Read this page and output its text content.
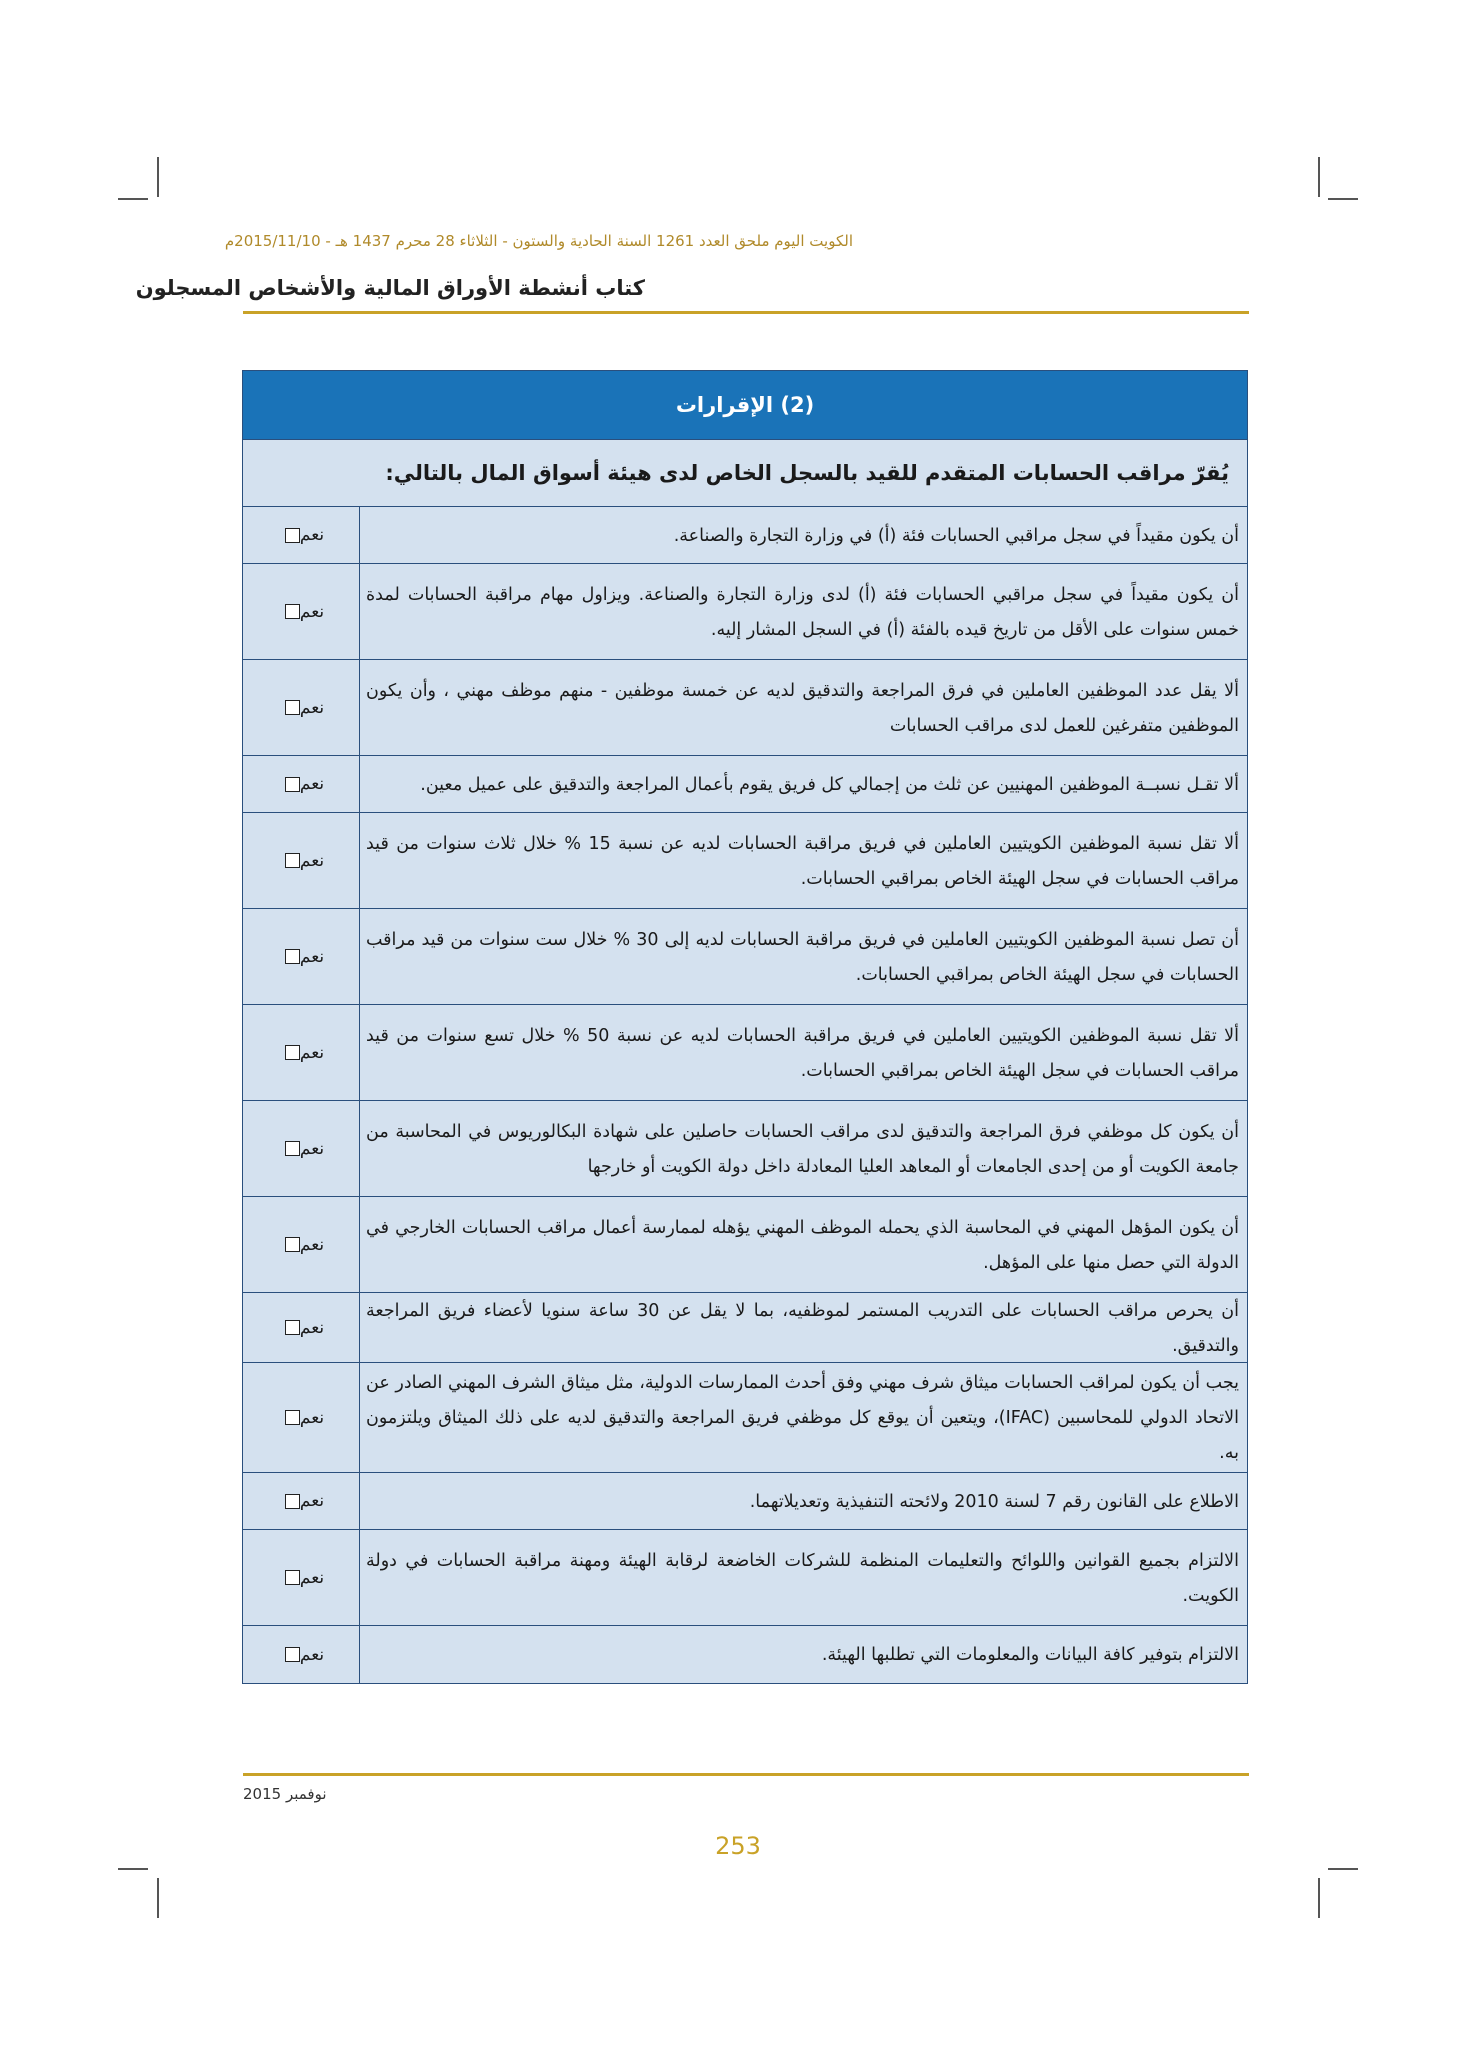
الكويت اليوم ملحق العدد 1261 السنة الحادية والستون - الثلاثاء 28 محرم 1437 هـ - 2015/11/10م
كتاب أنشطة الأوراق المالية والأشخاص المسجلون
(2) الإقرارات
يُقرّ مراقب الحسابات المتقدم للقيد بالسجل الخاص لدى هيئة أسواق المال بالتالي:
أن يكون مقيداً في سجل مراقبي الحسابات فئة (أ) في وزارة التجارة والصناعة.
نعم
أن يكون مقيداً في سجل مراقبي الحسابات فئة (أ) لدى وزارة التجارة والصناعة. ويزاول مهام مراقبة الحسابات لمدة خمس سنوات على الأقل من تاريخ قيده بالفئة (أ) في السجل المشار إليه.
نعم
ألا يقل عدد الموظفين العاملين في فرق المراجعة والتدقيق لديه عن خمسة موظفين - منهم موظف مهني ، وأن يكون الموظفين متفرغين للعمل لدى مراقب الحسابات
نعم
ألا تقـل نسبــة الموظفين المهنيين عن ثلث من إجمالي كل فريق يقوم بأعمال المراجعة والتدقيق على عميل معين.
نعم
ألا تقل نسبة الموظفين الكويتيين العاملين في فريق مراقبة الحسابات لديه عن نسبة 15 % خلال ثلاث سنوات من قيد مراقب الحسابات في سجل الهيئة الخاص بمراقبي الحسابات.
نعم
أن تصل نسبة الموظفين الكويتيين العاملين في فريق مراقبة الحسابات لديه إلى 30 % خلال ست سنوات من قيد مراقب الحسابات في سجل الهيئة الخاص بمراقبي الحسابات.
نعم
ألا تقل نسبة الموظفين الكويتيين العاملين في فريق مراقبة الحسابات لديه عن نسبة 50 % خلال تسع سنوات من قيد مراقب الحسابات في سجل الهيئة الخاص بمراقبي الحسابات.
نعم
أن يكون كل موظفي فرق المراجعة والتدقيق لدى مراقب الحسابات حاصلين على شهادة البكالوريوس في المحاسبة من جامعة الكويت أو من إحدى الجامعات أو المعاهد العليا المعادلة داخل دولة الكويت أو خارجها
نعم
أن يكون المؤهل المهني في المحاسبة الذي يحمله الموظف المهني يؤهله لممارسة أعمال مراقب الحسابات الخارجي في الدولة التي حصل منها على المؤهل.
نعم
أن يحرص مراقب الحسابات على التدريب المستمر لموظفيه، بما لا يقل عن 30 ساعة سنويا لأعضاء فريق المراجعة والتدقيق.
نعم
يجب أن يكون لمراقب الحسابات ميثاق شرف مهني وفق أحدث الممارسات الدولية، مثل ميثاق الشرف المهني الصادر عن الاتحاد الدولي للمحاسبين (IFAC)، ويتعين أن يوقع كل موظفي فريق المراجعة والتدقيق لديه على ذلك الميثاق ويلتزمون به.
نعم
الاطلاع على القانون رقم 7 لسنة 2010 ولائحته التنفيذية وتعديلاتهما.
نعم
الالتزام بجميع القوانين واللوائح والتعليمات المنظمة للشركات الخاضعة لرقابة الهيئة ومهنة مراقبة الحسابات في دولة الكويت.
نعم
الالتزام بتوفير كافة البيانات والمعلومات التي تطلبها الهيئة.
نعم
نوفمبر 2015
253
